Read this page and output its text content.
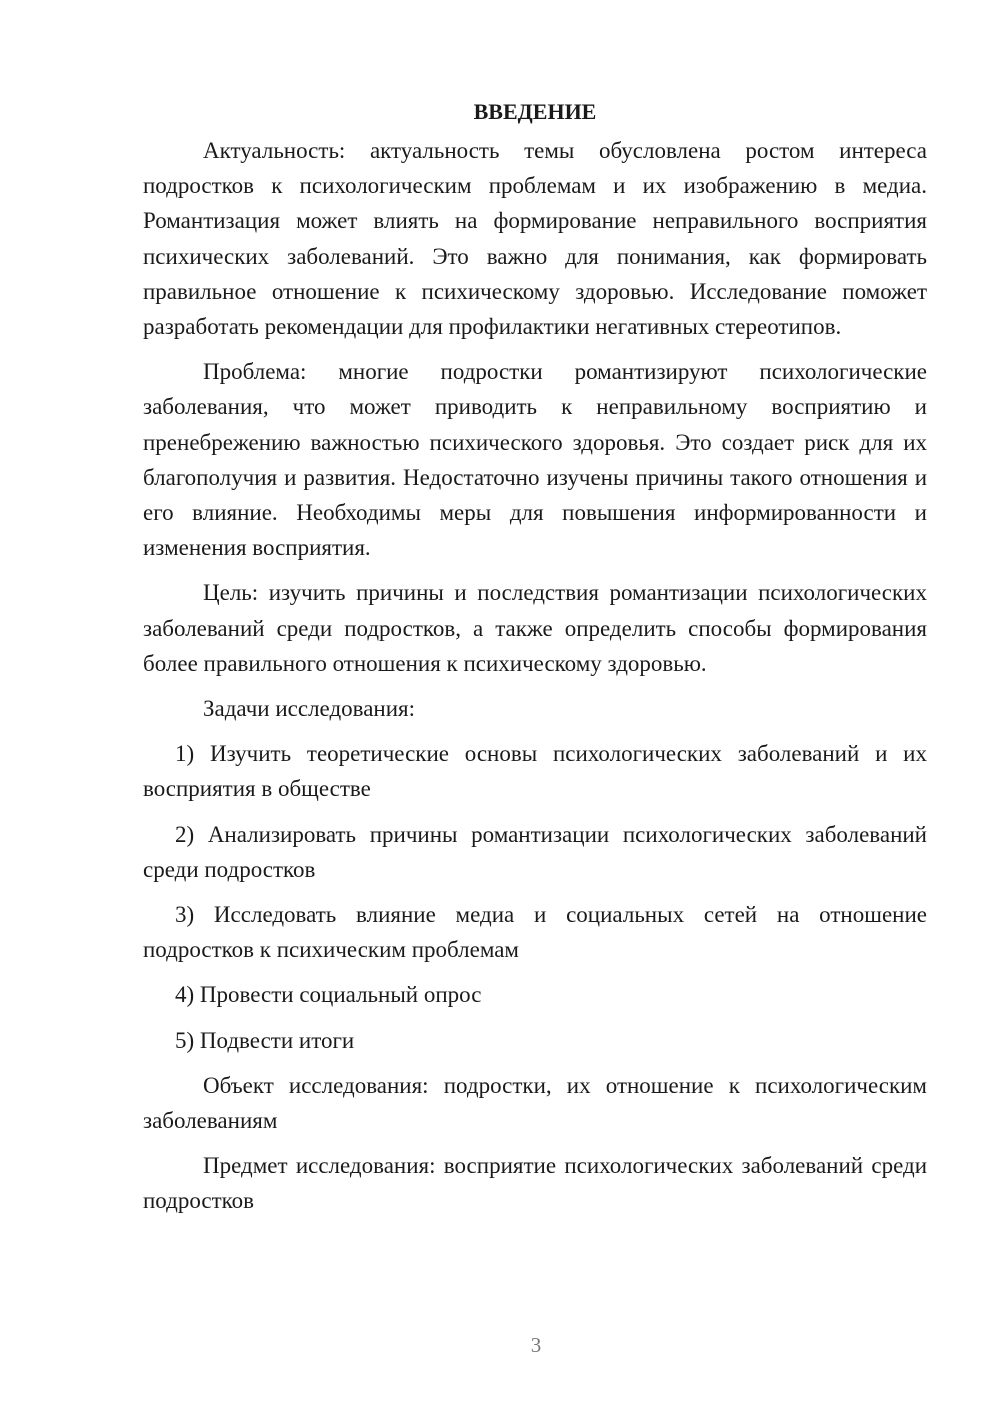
ВВЕДЕНИЕ

Актуальность: актуальность темы обусловлена ростом интереса подростков к психологическим проблемам и их изображению в медиа. Романтизация может влиять на формирование неправильного восприятия психических заболеваний. Это важно для понимания, как формировать правильное отношение к психическому здоровью. Исследование поможет разработать рекомендации для профилактики негативных стереотипов.

Проблема: многие подростки романтизируют психологические заболевания, что может приводить к неправильному восприятию и пренебрежению важностью психического здоровья. Это создает риск для их благополучия и развития. Недостаточно изучены причины такого отношения и его влияние. Необходимы меры для повышения информированности и изменения восприятия.

Цель: изучить причины и последствия романтизации психологических заболеваний среди подростков, а также определить способы формирования более правильного отношения к психическому здоровью.

Задачи исследования:

1) Изучить теоретические основы психологических заболеваний и их восприятия в обществе

2) Анализировать причины романтизации психологических заболеваний среди подростков

3) Исследовать влияние медиа и социальных сетей на отношение подростков к психическим проблемам

4) Провести социальный опрос

5) Подвести итоги

Объект исследования: подростки, их отношение к психологическим заболеваниям

Предмет исследования: восприятие психологических заболеваний среди подростков

3
